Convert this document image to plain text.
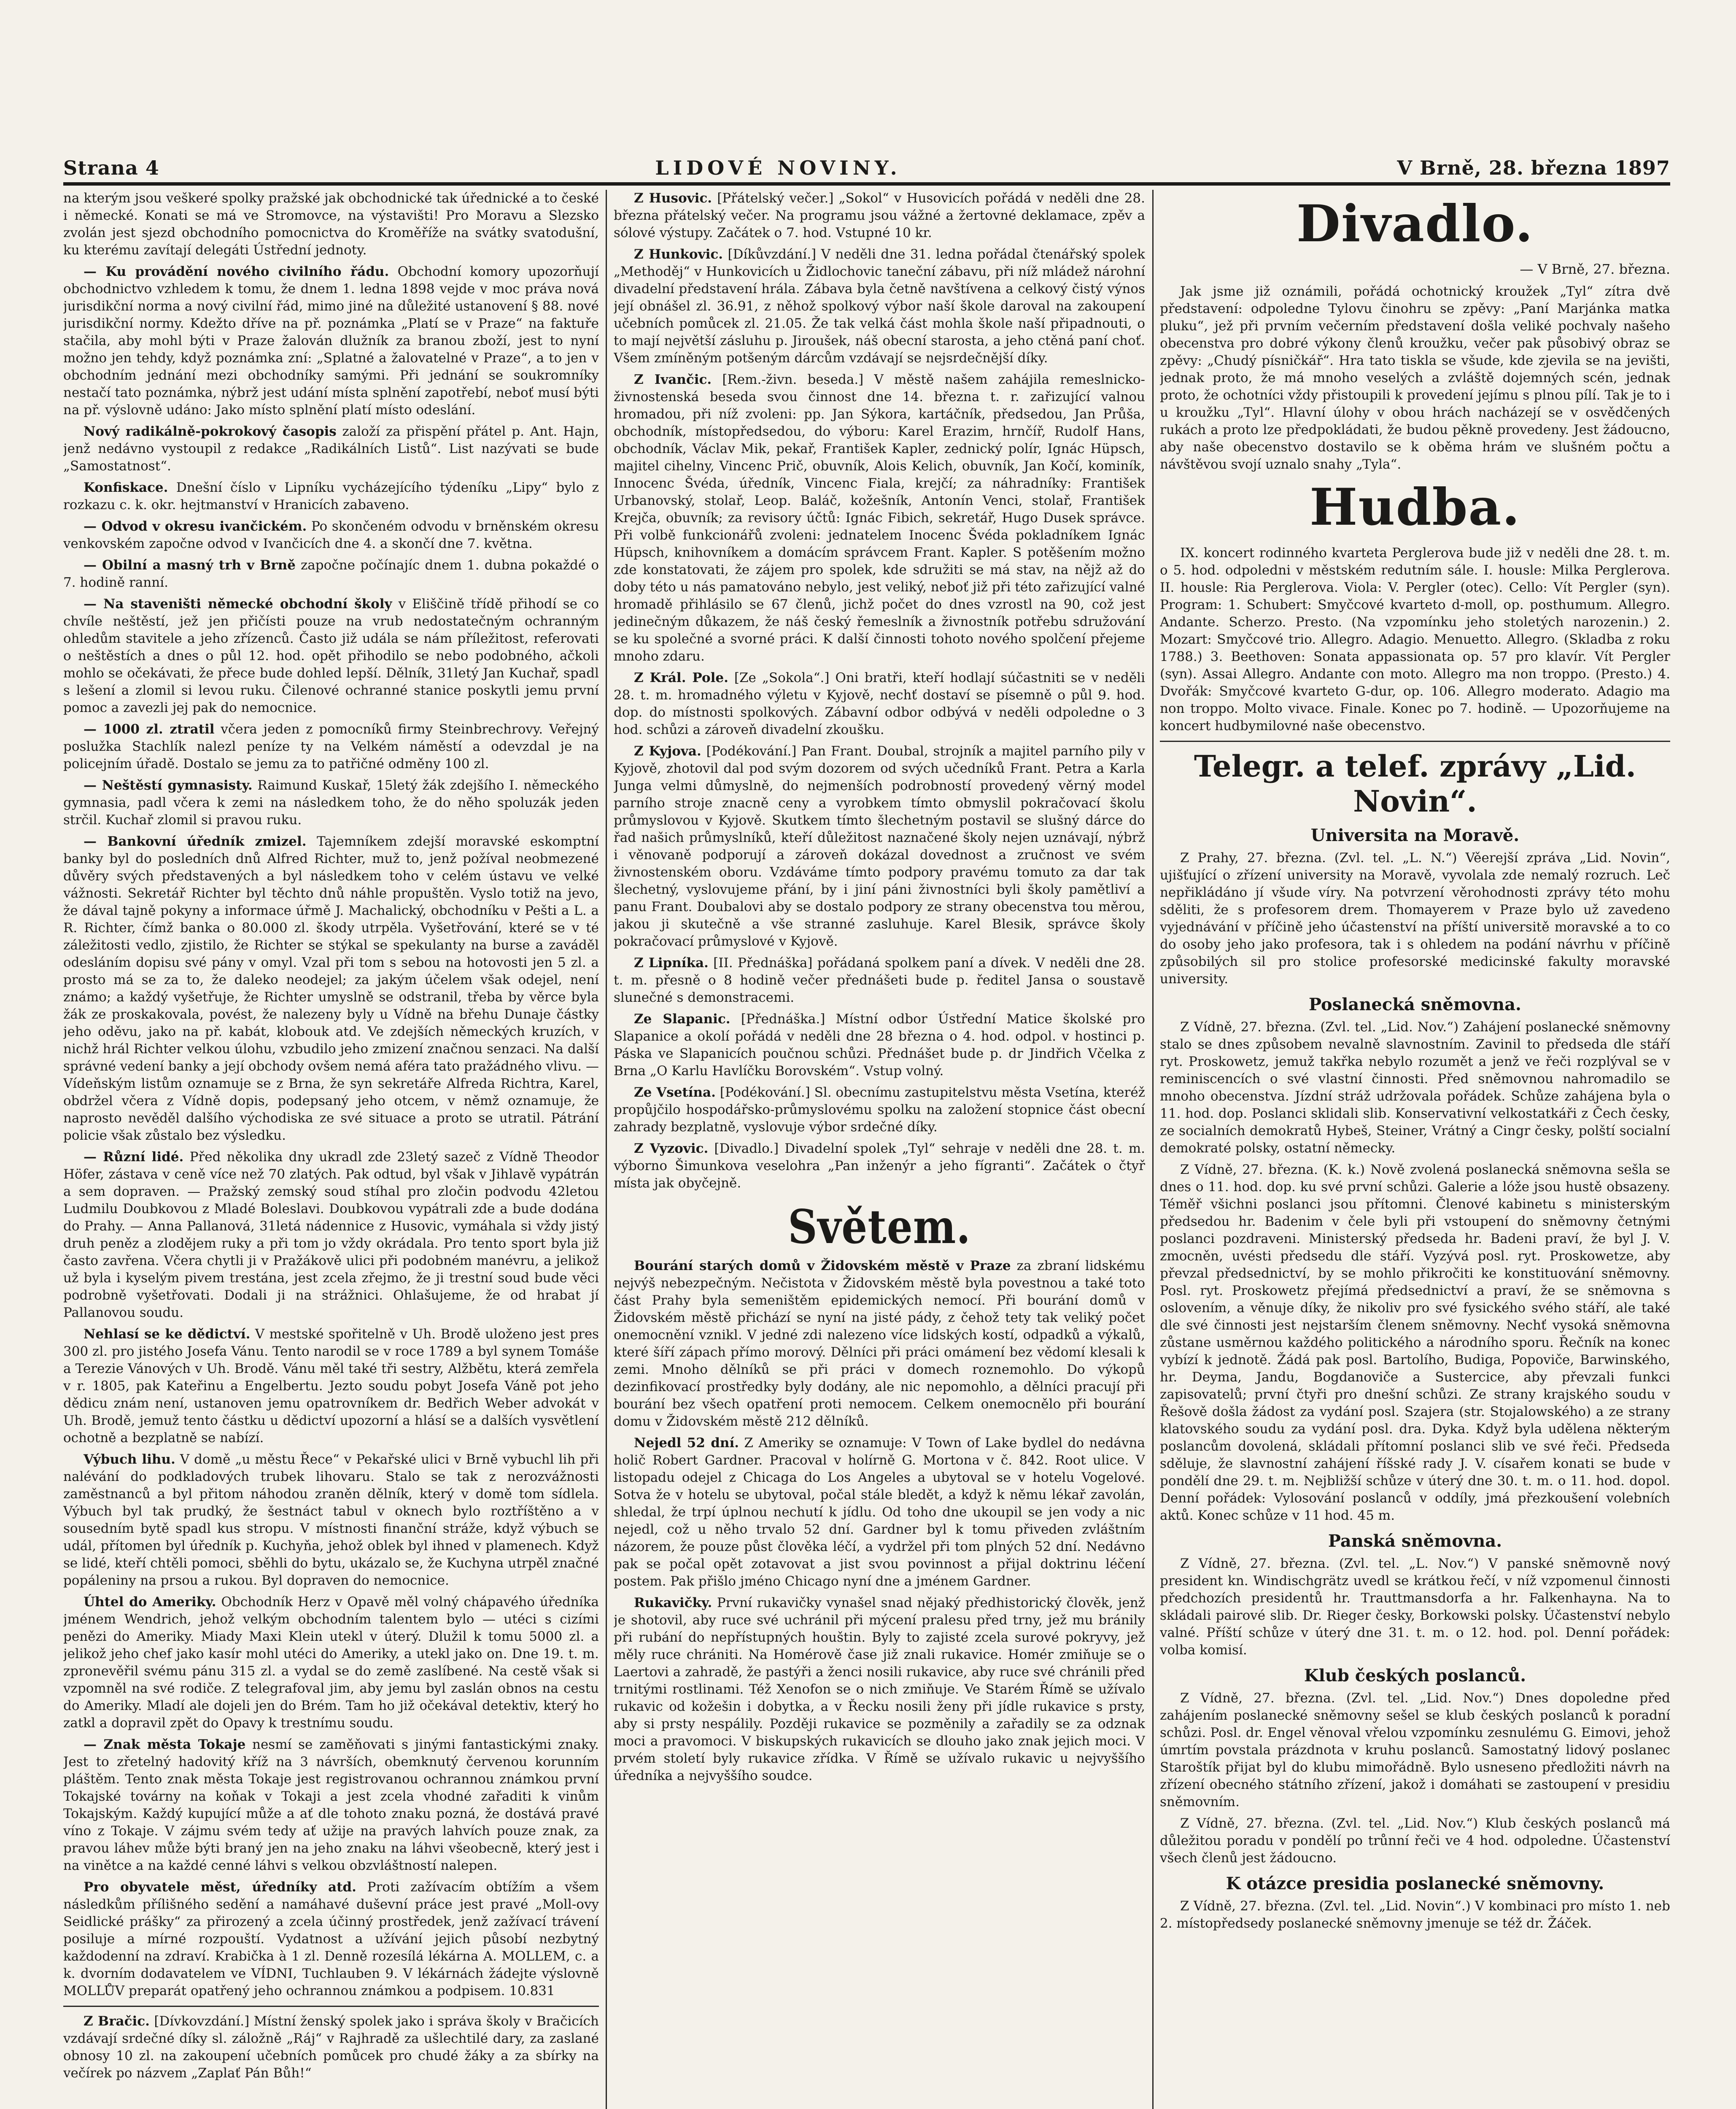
Strana 4	LIDOVÉ NOVINY.	V Brně, 28. března 1897

na kterým jsou veškeré spolky pražské jak obchodnické tak úřednické a to české i německé. Konati se má ve Stromovce, na výstavišti! Pro Moravu a Slezsko zvolán jest sjezd obchodního pomocnictva do Kroměříže na svátky svatodušní, ku kterému zavítají delegáti Ústřední jednoty.

— Ku provádění nového civilního řádu. Obchodní komory upozorňují obchodnictvo vzhledem k tomu, že dnem 1. ledna 1898 vejde v moc práva nová jurisdikční norma a nový civilní řád, mimo jiné na důležité ustanovení § 88. nové jurisdikční normy. Kdežto dříve na př. poznámka „Platí se v Praze“ na faktuře stačila, aby mohl býti v Praze žalován dlužník za branou zboží, jest to nyní možno jen tehdy, když poznámka zní: „Splatné a žalovatelné v Praze“, a to jen v obchodním jednání mezi obchodníky samými. Při jednání se soukromníky nestačí tato poznámka, nýbrž jest udání místa splnění zapotřebí, neboť musí býti na př. výslovně udáno: Jako místo splnění platí místo odeslání.

Nový radikálně-pokrokový časopis založí za přispění přátel p. Ant. Hajn, jenž nedávno vystoupil z redakce „Radikálních Listů“. List nazývati se bude „Samostatnost“.

Konfiskace. Dnešní číslo v Lipníku vycházejícího týdeníku „Lipy“ bylo z rozkazu c. k. okr. hejtmanství v Hranicích zabaveno.

— Odvod v okresu ivančickém. Po skončeném odvodu v brněnském okresu venkovském započne odvod v Ivančicích dne 4. a skončí dne 7. května.

— Obilní a masný trh v Brně započne počínajíc dnem 1. dubna pokaždé o 7. hodině ranní.

— Na staveništi německé obchodní školy v Eliščině třídě přihodí se co chvíle neštěstí, jež jen přičísti pouze na vrub nedostatečným ochranným ohledům stavitele a jeho zřízenců. Často již udála se nám příležitost, referovati o neštěstích a dnes o půl 12. hod. opět přihodilo se nebo podobného, ačkoli mohlo se očekávati, že přece bude dohled lepší. Dělník, 31letý Jan Kuchař, spadl s lešení a zlomil si levou ruku. Čilenové ochranné stanice poskytli jemu první pomoc a zavezli jej pak do nemocnice.

— 1000 zl. ztratil včera jeden z pomocníků firmy Steinbrechrovy. Veřejný poslužka Stachlík nalezl peníze ty na Velkém náměstí a odevzdal je na policejním úřadě. Dostalo se jemu za to patřičné odměny 100 zl.

— Neštěstí gymnasisty. Raimund Kuskař, 15letý žák zdejšího I. německého gymnasia, padl včera k zemi na následkem toho, že do něho spoluzák jeden strčil. Kuchař zlomil si pravou ruku.

— Bankovní úředník zmizel. Tajemníkem zdejší moravské eskomptní banky byl do posledních dnů Alfred Richter, muž to, jenž požíval neobmezené důvěry svých představených a byl následkem toho v celém ústavu ve velké vážnosti. Sekretář Richter byl těchto dnů náhle propuštěn. Vyslo totiž na jevo, že dával tajně pokyny a informace úřmě J. Machalický, obchodníku v Pešti a L. a R. Richter, čímž banka o 80.000 zl. škody utrpěla. Vyšetřování, které se v té záležitosti vedlo, zjistilo, že Richter se stýkal se spekulanty na burse a zaváděl odesláním dopisu své pány v omyl. Vzal při tom s sebou na hotovosti jen 5 zl. a prosto má se za to, že daleko neodejel; za jakým účelem však odejel, není známo; a každý vyšetřuje, že Richter umyslně se odstranil, třeba by věrce byla žák ze proskakovala, povést, že nalezeny byly u Vídně na břehu Dunaje částky jeho oděvu, jako na př. kabát, klobouk atd. Ve zdejších německých kruzích, v nichž hrál Richter velkou úlohu, vzbudilo jeho zmizení značnou senzaci. Na další správné vedení banky a její obchody ovšem nemá aféra tato pražádného vlivu. — Vídeňským listům oznamuje se z Brna, že syn sekretáře Alfreda Richtra, Karel, obdržel včera z Vídně dopis, podepsaný jeho otcem, v němž oznamuje, že naprosto nevěděl dalšího východiska ze své situace a proto se utratil. Pátrání policie však zůstalo bez výsledku.

— Různí lidé. Před několika dny ukradl zde 23letý sazeč z Vídně Theodor Höfer, zástava v ceně více než 70 zlatých. Pak odtud, byl však v Jihlavě vypátrán a sem dopraven. — Pražský zemský soud stíhal pro zločin podvodu 42letou Ludmilu Doubkovou z Mladé Boleslavi. Doubkovou vypátrali zde a bude dodána do Prahy. — Anna Pallanová, 31letá nádennice z Husovic, vymáhala si vždy jistý druh peněz a zlodějem ruky a při tom jo vždy okrádala. Pro tento sport byla již často zavřena. Včera chytli ji v Pražákově ulici při podobném manévru, a jelikož už byla i kyselým pivem trestána, jest zcela zřejmo, že ji trestní soud bude věci podrobně vyšetřovati. Dodali ji na strážnici. Ohlašujeme, že od hrabat jí Pallanovou soudu.

Nehlasí se ke dědictví. V mestské spořitelně v Uh. Brodě uloženo jest pres 300 zl. pro jistého Josefa Vánu. Tento narodil se v roce 1789 a byl synem Tomáše a Terezie Vánových v Uh. Brodě. Vánu měl také tři sestry, Alžbětu, která zemřela v r. 1805, pak Kateřinu a Engelbertu. Jezto soudu pobyt Josefa Váně pot jeho dědicu znám není, ustanoven jemu opatrovníkem dr. Bedřich Weber advokát v Uh. Brodě, jemuž tento částku u dědictví upozorní a hlásí se a dalších vysvětlení ochotně a bezplatně se nabízí.

Výbuch lihu. V domě „u městu Řece“ v Pekařské ulici v Brně vybuchl lih při nalévání do podkladových trubek lihovaru. Stalo se tak z nerozvážnosti zaměstnanců a byl přitom náhodou zraněn dělník, který v domě tom sídlela. Výbuch byl tak prudký, že šestnáct tabul v oknech bylo roztříštěno a v sousedním bytě spadl kus stropu. V místnosti finanční stráže, když výbuch se udál, přítomen byl úředník p. Kuchyňa, jehož oblek byl ihned v plamenech. Když se lidé, kteří chtěli pomoci, sběhli do bytu, ukázalo se, že Kuchyna utrpěl značné popáleniny na prsou a rukou. Byl dopraven do nemocnice.

Úhtel do Ameriky. Obchodník Herz v Opavě měl volný chápavého úředníka jménem Wendrich, jehož velkým obchodním talentem bylo — utéci s cizími penězi do Ameriky. Miady Maxi Klein utekl v úterý. Dlužil k tomu 5000 zl. a jelikož jeho chef jako kasír mohl utéci do Ameriky, a utekl jako on. Dne 19. t. m. zpronevěřil svému pánu 315 zl. a vydal se do země zaslíbené. Na cestě však si vzpomněl na své rodiče. Z telegrafoval jim, aby jemu byl zaslán obnos na cestu do Ameriky. Mladí ale dojeli jen do Brém. Tam ho již očekával detektiv, který ho zatkl a dopravil zpět do Opavy k trestnímu soudu.

— Znak města Tokaje nesmí se zaměňovati s jinými fantastickými znaky. Jest to zřetelný hadovitý kříž na 3 návrších, obemknutý červenou korunním pláštěm. Tento znak města Tokaje jest registrovanou ochrannou známkou první Tokajské továrny na koňak v Tokaji a jest zcela vhodné zařaditi k vinům Tokajským. Každý kupující může a ať dle tohoto znaku pozná, že dostává pravé víno z Tokaje. V zájmu svém tedy ať užije na pravých lahvích pouze znak, za pravou láhev může býti braný jen na jeho znaku na láhvi všeobecně, který jest i na vinětce a na každé cenné láhvi s velkou obzvláštností nalepen.

Pro obyvatele měst, úředníky atd. Proti zažívacím obtížím a všem následkům přílišného sedění a namáhavé duševní práce jest pravé „Moll-ovy Seidlické prášky“ za přirozený a zcela účinný prostředek, jenž zažívací trávení posiluje a mírné rozpouští. Vydatnost a užívání jejich působí nezbytný každodenní na zdraví. Krabička à 1 zl. Denně rozesílá lékárna A. MOLLEM, c. a k. dvorním dodavatelem ve VÍDNI, Tuchlauben 9. V lékárnách žádejte výslovně MOLLŮV preparát opatřený jeho ochrannou známkou a podpisem. 10.831

Z Bračic. [Dívkovzdání.] Místní ženský spolek jako i správa školy v Bračicích vzdávají srdečné díky sl. záložně „Ráj“ v Rajhradě za ušlechtilé dary, za zaslané obnosy 10 zl. na zakoupení učebních pomůcek pro chudé žáky a za sbírky na večírek po názvem „Zaplať Pán Bůh!“

Z Husovic. [Přátelský večer.] „Sokol“ v Husovicích pořádá v neděli dne 28. března přátelský večer. Na programu jsou vážné a žertovné deklamace, zpěv a sólové výstupy. Začátek o 7. hod. Vstupné 10 kr.

Z Hunkovic. [Díkůvzdání.] V neděli dne 31. ledna pořádal čtenářský spolek „Methoděj“ v Hunkovicích u Židlochovic taneční zábavu, při níž mládež nárohní divadelní představení hrála. Zábava byla četně navštívena a celkový čistý výnos její obnášel zl. 36.91, z něhož spolkový výbor naší škole daroval na zakoupení učebních pomůcek zl. 21.05. Že tak velká část mohla škole naší připadnouti, o to mají největší zásluhu p. Jiroušek, náš obecní starosta, a jeho ctěná paní choť. Všem zmíněným potšeným dárcům vzdávají se nejsrdečnější díky.

Z Ivančic. [Rem.-živn. beseda.] V městě našem zahájila remeslnicko-živnostenská beseda svou činnost dne 14. března t. r. zařizující valnou hromadou, při níž zvoleni: pp. Jan Sýkora, kartáčník, předsedou, Jan Průša, obchodník, místopředsedou, do výboru: Karel Erazim, hrnčíř, Rudolf Hans, obchodník, Václav Mik, pekař, František Kapler, zednický polír, Ignác Hüpsch, majitel cihelny, Vincenc Prič, obuvník, Alois Kelich, obuvník, Jan Kočí, kominík, Innocenc Švéda, úředník, Vincenc Fiala, krejčí; za náhradníky: František Urbanovský, stolař, Leop. Baláč, kožešník, Antonín Venci, stolař, František Krejča, obuvník; za revisory účtů: Ignác Fibich, sekretář, Hugo Dusek správce. Při volbě funkcionářů zvoleni: jednatelem Inocenc Švéda pokladníkem Ignác Hüpsch, knihovníkem a domácím správcem Frant. Kapler. S potěšením možno zde konstatovati, že zájem pro spolek, kde sdružiti se má stav, na nějž až do doby této u nás pamatováno nebylo, jest veliký, neboť již při této zařizující valné hromadě přihlásilo se 67 členů, jichž počet do dnes vzrostl na 90, což jest jedinečným důkazem, že náš český řemeslník a živnostník potřebu sdružování se ku společné a svorné práci. K další činnosti tohoto nového spolčení přejeme mnoho zdaru.

Z Král. Pole. [Ze „Sokola“.] Oni bratři, kteří hodlají súčastniti se v neděli 28. t. m. hromadného výletu v Kyjově, nechť dostaví se písemně o půl 9. hod. dop. do místnosti spolkových. Zábavní odbor odbývá v neděli odpoledne o 3 hod. schůzi a zároveň divadelní zkoušku.

Z Kyjova. [Podékování.] Pan Frant. Doubal, strojník a majitel parního pily v Kyjově, zhotovil dal pod svým dozorem od svých učedníků Frant. Petra a Karla Junga velmi důmyslně, do nejmenších podrobností provedený věrný model parního stroje znacně ceny a vyrobkem tímto obmyslil pokračovací školu průmyslovou v Kyjově. Skutkem tímto šlechetným postavil se slušný dárce do řad našich průmyslníků, kteří důležitost naznačené školy nejen uznávají, nýbrž i věnovaně podporují a zároveň dokázal dovednost a zručnost ve svém živnostenském oboru. Vzdáváme tímto podpory pravému tomuto za dar tak šlechetný, vyslovujeme přání, by i jiní páni živnostníci byli školy pamětliví a panu Frant. Doubalovi aby se dostalo podpory ze strany obecenstva tou měrou, jakou ji skutečně a vše stranné zasluhuje. Karel Blesik, správce školy pokračovací průmyslové v Kyjově.

Z Lipníka. [II. Přednáška] pořádaná spolkem paní a dívek. V neděli dne 28. t. m. přesně o 8 hodině večer přednášeti bude p. ředitel Jansa o soustavě slunečné s demonstracemi.

Ze Slapanic. [Přednáška.] Místní odbor Ústřední Matice školské pro Slapanice a okolí pořádá v neděli dne 28 března o 4. hod. odpol. v hostinci p. Páska ve Slapanicích poučnou schůzi. Přednášet bude p. dr Jindřich Včelka z Brna „O Karlu Havlíčku Borovském“. Vstup volný.

Ze Vsetína. [Podékování.] Sl. obecnímu zastupitelstvu města Vsetína, kteréž propůjčilo hospodářsko-průmyslovému spolku na založení stopnice část obecní zahrady bezplatně, vyslovuje výbor srdečné díky.

Z Vyzovic. [Divadlo.] Divadelní spolek „Tyl“ sehraje v neděli dne 28. t. m. výborno Šimunkova veselohra „Pan inženýr a jeho fígranti“. Začátek o čtyř místa jak obyčejně.

Světem.

Bourání starých domů v Židovském městě v Praze za zbraní lidskému nejvýš nebezpečným. Nečistota v Židovském městě byla povestnou a také toto část Prahy byla semeništěm epidemických nemocí. Při bourání domů v Židovském městě přichází se nyní na jisté pády, z čehož tety tak veliký počet onemocnění vznikl. V jedné zdi nalezeno více lidských kostí, odpadků a výkalů, které šíří zápach přímo morový. Dělníci při práci omámení bez vědomí klesali k zemi. Mnoho dělníků se při práci v domech roznemohlo. Do výkopů dezinfikovací prostředky byly dodány, ale nic nepomohlo, a dělníci pracují při bourání bez všech opatření proti nemocem. Celkem onemocnělo při bourání domu v Židovském městě 212 dělníků.

Nejedl 52 dní. Z Ameriky se oznamuje: V Town of Lake bydlel do nedávna holič Robert Gardner. Pracoval v holírně G. Mortona v č. 842. Root ulice. V listopadu odejel z Chicaga do Los Angeles a ubytoval se v hotelu Vogelové. Sotva že v hotelu se ubytoval, počal stále bledět, a když k němu lékař zavolán, shledal, že trpí úplnou nechutí k jídlu. Od toho dne ukoupil se jen vody a nic nejedl, což u něho trvalo 52 dní. Gardner byl k tomu přiveden zvláštním názorem, že pouze půst člověka léčí, a vydržel při tom plných 52 dní. Nedávno pak se počal opět zotavovat a jist svou povinnost a přijal doktrinu léčení postem. Pak přišlo jméno Chicago nyní dne a jménem Gardner.

Rukavičky. První rukavičky vynašel snad nějaký předhistorický člověk, jenž je shotovil, aby ruce své uchránil při mýcení pralesu před trny, jež mu bránily při rubání do nepřístupných houštin. Byly to zajisté zcela surové pokryvy, jež měly ruce chrániti. Na Homérově čase již znali rukavice. Homér zmiňuje se o Laertovi a zahradě, že pastýři a ženci nosili rukavice, aby ruce své chránili před trnitými rostlinami. Též Xenofon se o nich zmiňuje. Ve Starém Římě se užívalo rukavic od kožešin i dobytka, a v Řecku nosili ženy při jídle rukavice s prsty, aby si prsty nespálily. Později rukavice se pozměnily a zařadily se za odznak moci a pravomoci. V biskupských rukavicích se dlouho jako znak jejich moci. V prvém století byly rukavice zřídka. V Římě se užívalo rukavic u nejvyššího úředníka a nejvyššího soudce.

Divadlo.
— V Brně, 27. března.

Jak jsme již oznámili, pořádá ochotnický kroužek „Tyl“ zítra dvě představení: odpoledne Tylovu činohru se zpěvy: „Paní Marjánka matka pluku“, jež při prvním večerním představení došla veliké pochvaly našeho obecenstva pro dobré výkony členů kroužku, večer pak působivý obraz se zpěvy: „Chudý písničkář“. Hra tato tiskla se všude, kde zjevila se na jevišti, jednak proto, že má mnoho veselých a zvláště dojemných scén, jednak proto, že ochotníci vždy přistoupili k provedení jejímu s plnou pílí. Tak je to i u kroužku „Tyl“. Hlavní úlohy v obou hrách nacházejí se v osvědčených rukách a proto lze předpokládati, že budou pěkně provedeny. Jest žádoucno, aby naše obecenstvo dostavilo se k oběma hrám ve slušném počtu a návštěvou svojí uznalo snahy „Tyla“.

Hudba.

IX. koncert rodinného kvarteta Perglerova bude již v neděli dne 28. t. m. o 5. hod. odpoledni v městském redutním sále. I. housle: Milka Perglerova. II. housle: Ria Perglerova. Viola: V. Pergler (otec). Cello: Vít Pergler (syn). Program: 1. Schubert: Smyčcové kvarteto d-moll, op. posthumum. Allegro. Andante. Scherzo. Presto. (Na vzpomínku jeho stoletých narozenin.) 2. Mozart: Smyčcové trio. Allegro. Adagio. Menuetto. Allegro. (Skladba z roku 1788.) 3. Beethoven: Sonata appassionata op. 57 pro klavír. Vít Pergler (syn). Assai Allegro. Andante con moto. Allegro ma non troppo. (Presto.) 4. Dvořák: Smyčcové kvarteto G-dur, op. 106. Allegro moderato. Adagio ma non troppo. Molto vivace. Finale. Konec po 7. hodině. — Upozorňujeme na koncert hudbymilovné naše obecenstvo.

Telegr. a telef. zprávy „Lid. Novin“.
Universita na Moravě.

Z Prahy, 27. března. (Zvl. tel. „L. N.“) Věerejší zpráva „Lid. Novin“, ujišťující o zřízení university na Moravě, vyvolala zde nemalý rozruch. Leč nepřikládáno jí všude víry. Na potvrzení věrohodnosti zprávy této mohu sděliti, že s profesorem drem. Thomayerem v Praze bylo už zavedeno vyjednávání v příčině jeho účastenství na příští universitě moravské a to co do osoby jeho jako profesora, tak i s ohledem na podání návrhu v příčině způsobilých sil pro stolice profesorské medicinské fakulty moravské university.

Poslanecká sněmovna.

Z Vídně, 27. března. (Zvl. tel. „Lid. Nov.“) Zahájení poslanecké sněmovny stalo se dnes způsobem nevalně slavnostním. Zavinil to předseda dle stáří ryt. Proskowetz, jemuž takřka nebylo rozumět a jenž ve řeči rozplýval se v reminiscencích o své vlastní činnosti. Před sněmovnou nahromadilo se mnoho obecenstva. Jízdní stráž udržovala pořádek. Schůze zahájena byla o 11. hod. dop. Poslanci sklidali slib. Konservativní velkostatkáři z Čech česky, ze socialních demokratů Hybeš, Steiner, Vrátný a Cingr česky, polští socialní demokraté polsky, ostatní německy.

Z Vídně, 27. března. (K. k.) Nově zvolená poslanecká sněmovna sešla se dnes o 11. hod. dop. ku své první schůzi. Galerie a lóže jsou hustě obsazeny. Téměř všichni poslanci jsou přítomni. Členové kabinetu s ministerským předsedou hr. Badenim v čele byli při vstoupení do sněmovny četnými poslanci pozdraveni. Ministerský předseda hr. Badeni praví, že byl J. V. zmocněn, uvésti předsedu dle stáří. Vyzývá posl. ryt. Proskowetze, aby převzal předsednictví, by se mohlo přikročiti ke konstituování sněmovny. Posl. ryt. Proskowetz přejímá předsednictví a praví, že se sněmovna s oslovením, a věnuje díky, že nikoliv pro své fysického svého stáří, ale také dle své činnosti jest nejstarším členem sněmovny. Nechť vysoká sněmovna zůstane usměrnou každého politického a národního sporu. Řečník na konec vybízí k jednotě. Žádá pak posl. Bartolího, Budiga, Popoviče, Barwinského, hr. Deyma, Jandu, Bogdanoviče a Sustercice, aby převzali funkci zapisovatelů; první čtyři pro dnešní schůzi. Ze strany krajského soudu v Řešově došla žádost za vydání posl. Szajera (str. Stojalowského) a ze strany klatovského soudu za vydání posl. dra. Dyka. Když byla udělena některým poslancům dovolená, skládali přítomní poslanci slib ve své řeči. Předseda sděluje, že slavnostní zahájení říšské rady J. V. císařem konati se bude v pondělí dne 29. t. m. Nejbližší schůze v úterý dne 30. t. m. o 11. hod. dopol. Denní pořádek: Vylosování poslanců v oddíly, jmá přezkoušení volebních aktů. Konec schůze v 11 hod. 45 m.

Panská sněmovna.

Z Vídně, 27. března. (Zvl. tel. „L. Nov.“) V panské sněmovně nový president kn. Windischgrätz uvedl se krátkou řečí, v níž vzpomenul činnosti předchozích presidentů hr. Trauttmansdorfa a hr. Falkenhayna. Na to skládali pairové slib. Dr. Rieger česky, Borkowski polsky. Účastenství nebylo valné. Příští schůze v úterý dne 31. t. m. o 12. hod. pol. Denní pořádek: volba komisí.

Klub českých poslanců.

Z Vídně, 27. března. (Zvl. tel. „Lid. Nov.“) Dnes dopoledne před zahájením poslanecké sněmovny sešel se klub českých poslanců k poradní schůzi. Posl. dr. Engel věnoval vřelou vzpomínku zesnulému G. Eimovi, jehož úmrtím povstala prázdnota v kruhu poslanců. Samostatný lidový poslanec Staroštík přijat byl do klubu mimořádně. Bylo usneseno předložiti návrh na zřízení obecného státního zřízení, jakož i domáhati se zastoupení v presidiu sněmovním.

Z Vídně, 27. března. (Zvl. tel. „Lid. Nov.“) Klub českých poslanců má důležitou poradu v pondělí po trůnní řeči ve 4 hod. odpoledne. Účastenství všech členů jest žádoucno.

K otázce presidia poslanecké sněmovny.

Z Vídně, 27. března. (Zvl. tel. „Lid. Novin“.) V kombinaci pro místo 1. neb 2. místopředsedy poslanecké sněmovny jmenuje se též dr. Žáček.
